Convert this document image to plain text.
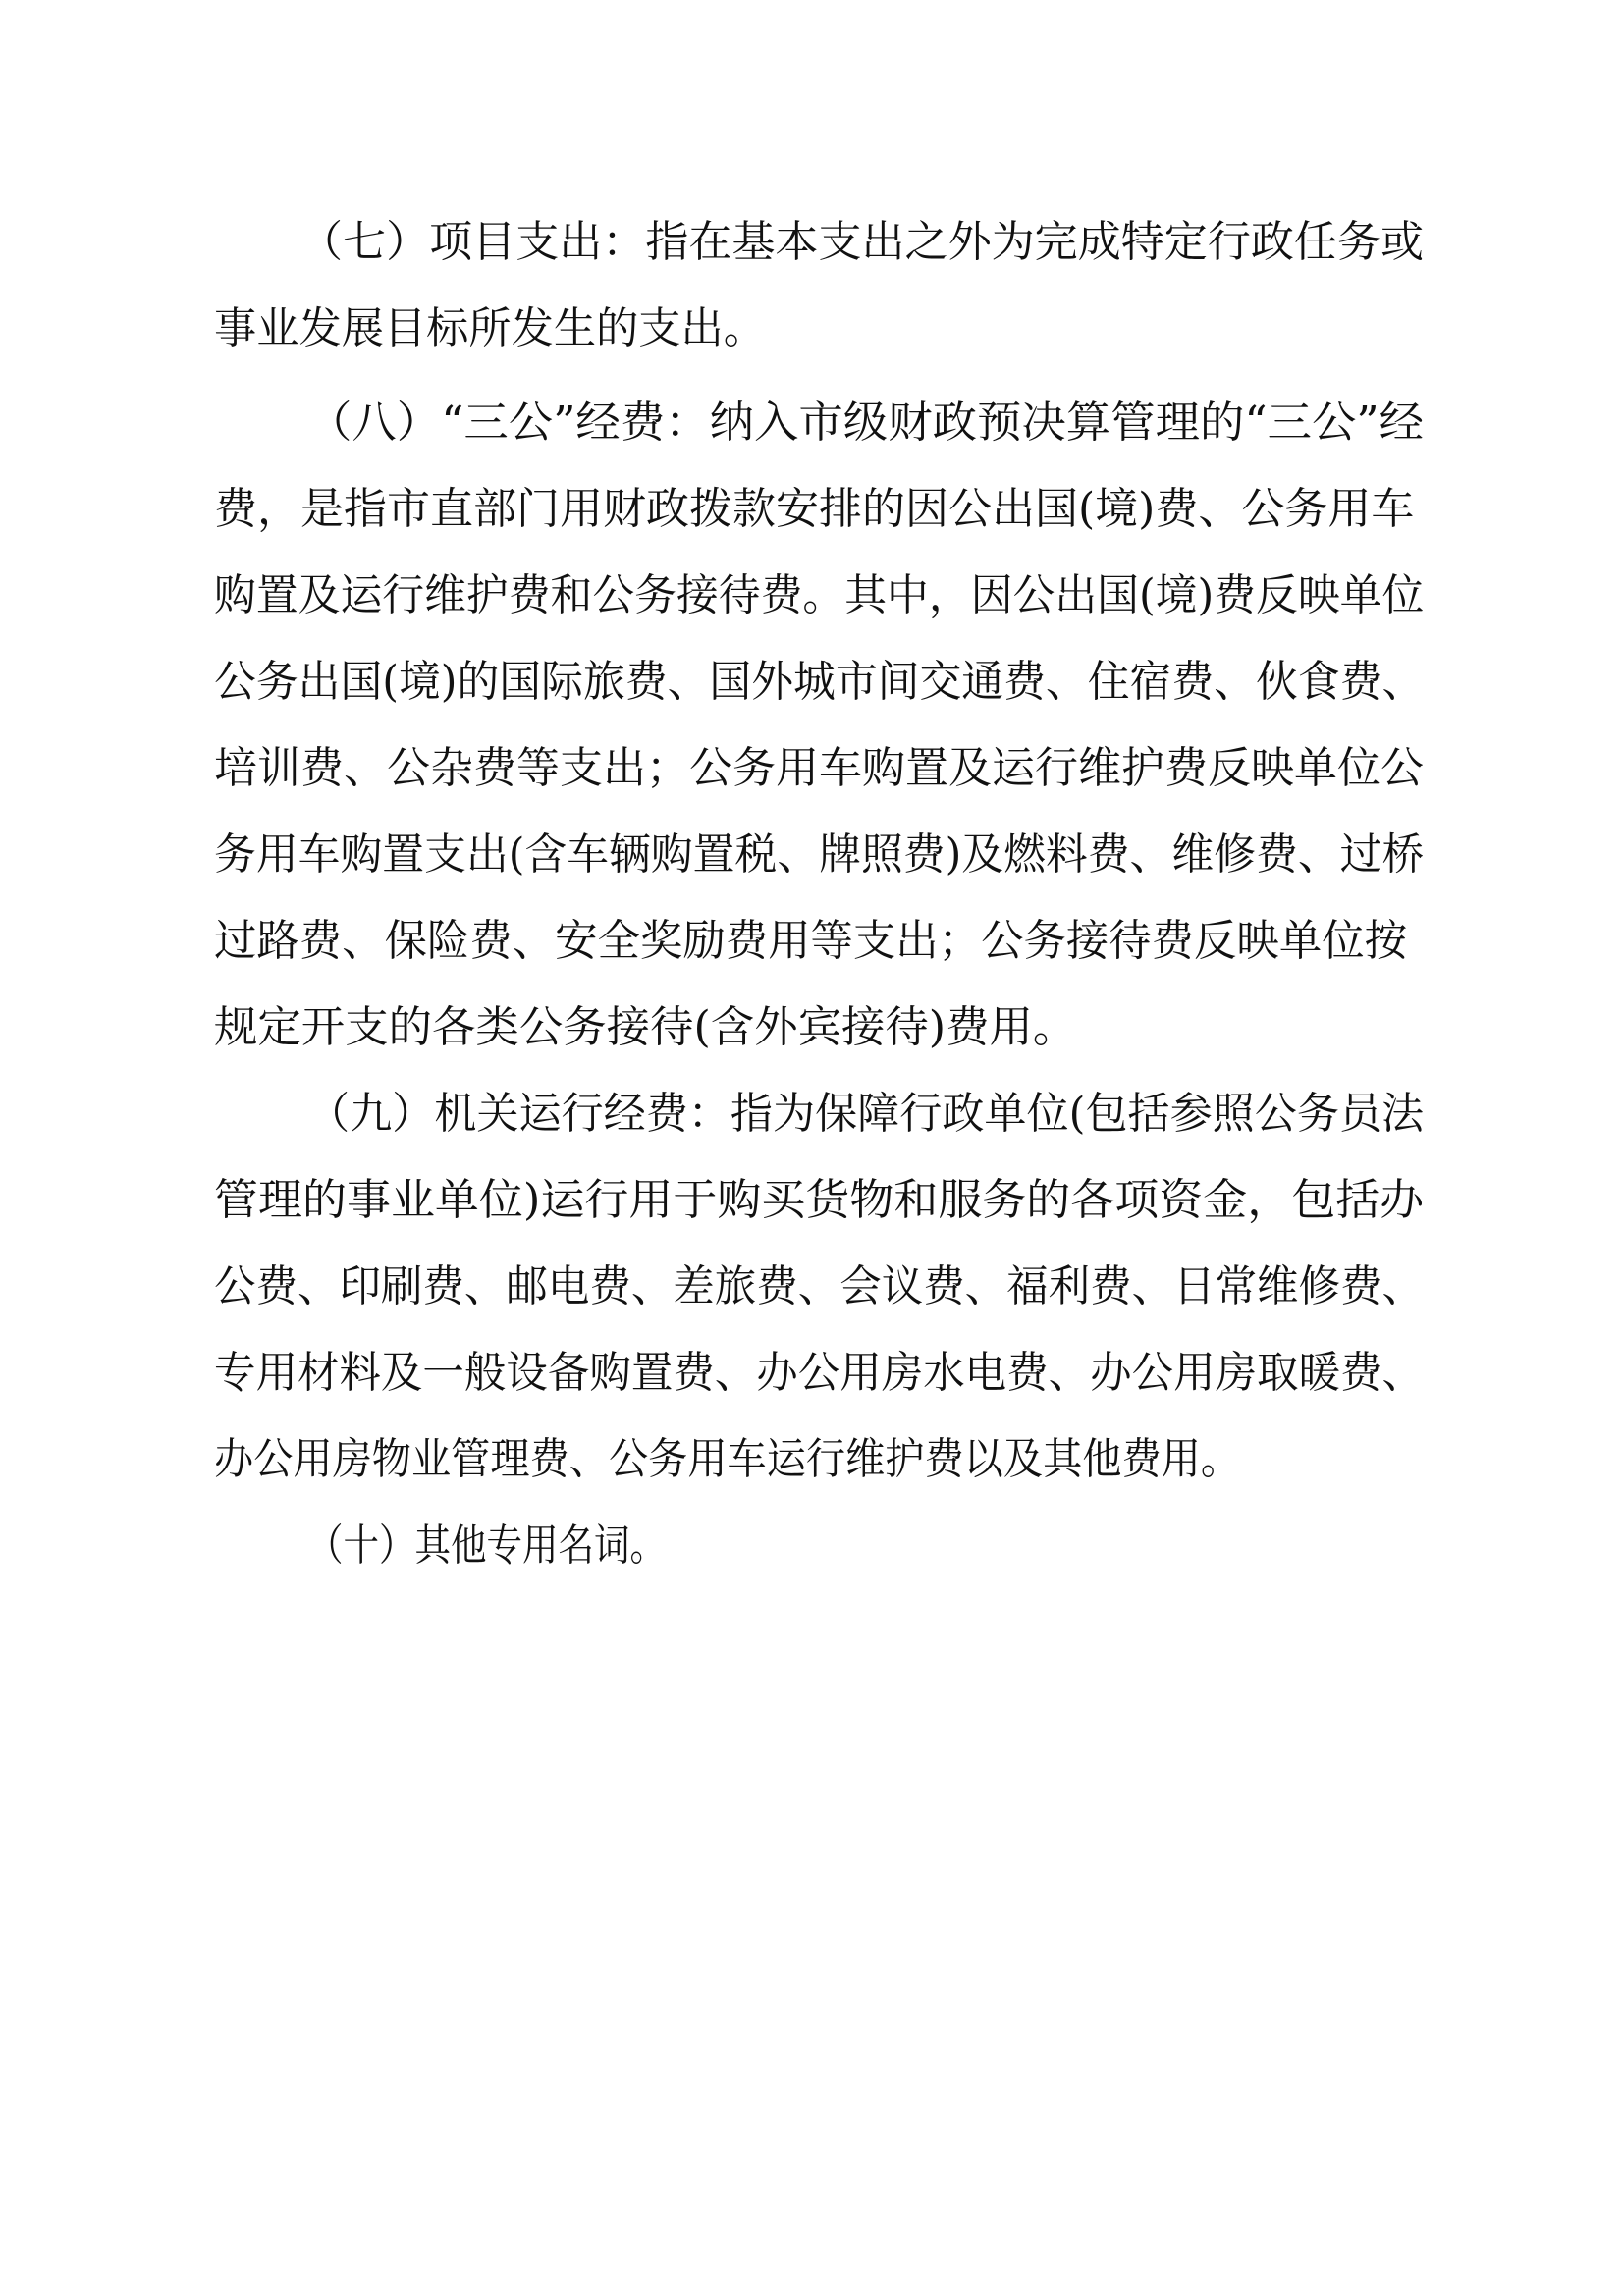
（七）项目支出：指在基本支出之外为完成特定行政任务或

事业发展目标所发生的支出。

（八）“三公”经费：纳入市级财政预决算管理的“三公”经

费，是指市直部门用财政拨款安排的因公出国(境)费、公务用车

购置及运行维护费和公务接待费。其中，因公出国(境)费反映单位

公务出国(境)的国际旅费、国外城市间交通费、住宿费、伙食费、

培训费、公杂费等支出；公务用车购置及运行维护费反映单位公

务用车购置支出(含车辆购置税、牌照费)及燃料费、维修费、过桥

过路费、保险费、安全奖励费用等支出；公务接待费反映单位按

规定开支的各类公务接待(含外宾接待)费用。

（九）机关运行经费：指为保障行政单位(包括参照公务员法

管理的事业单位)运行用于购买货物和服务的各项资金，包括办

公费、印刷费、邮电费、差旅费、会议费、福利费、日常维修费、

专用材料及一般设备购置费、办公用房水电费、办公用房取暖费、

办公用房物业管理费、公务用车运行维护费以及其他费用。

（十）其他专用名词。
